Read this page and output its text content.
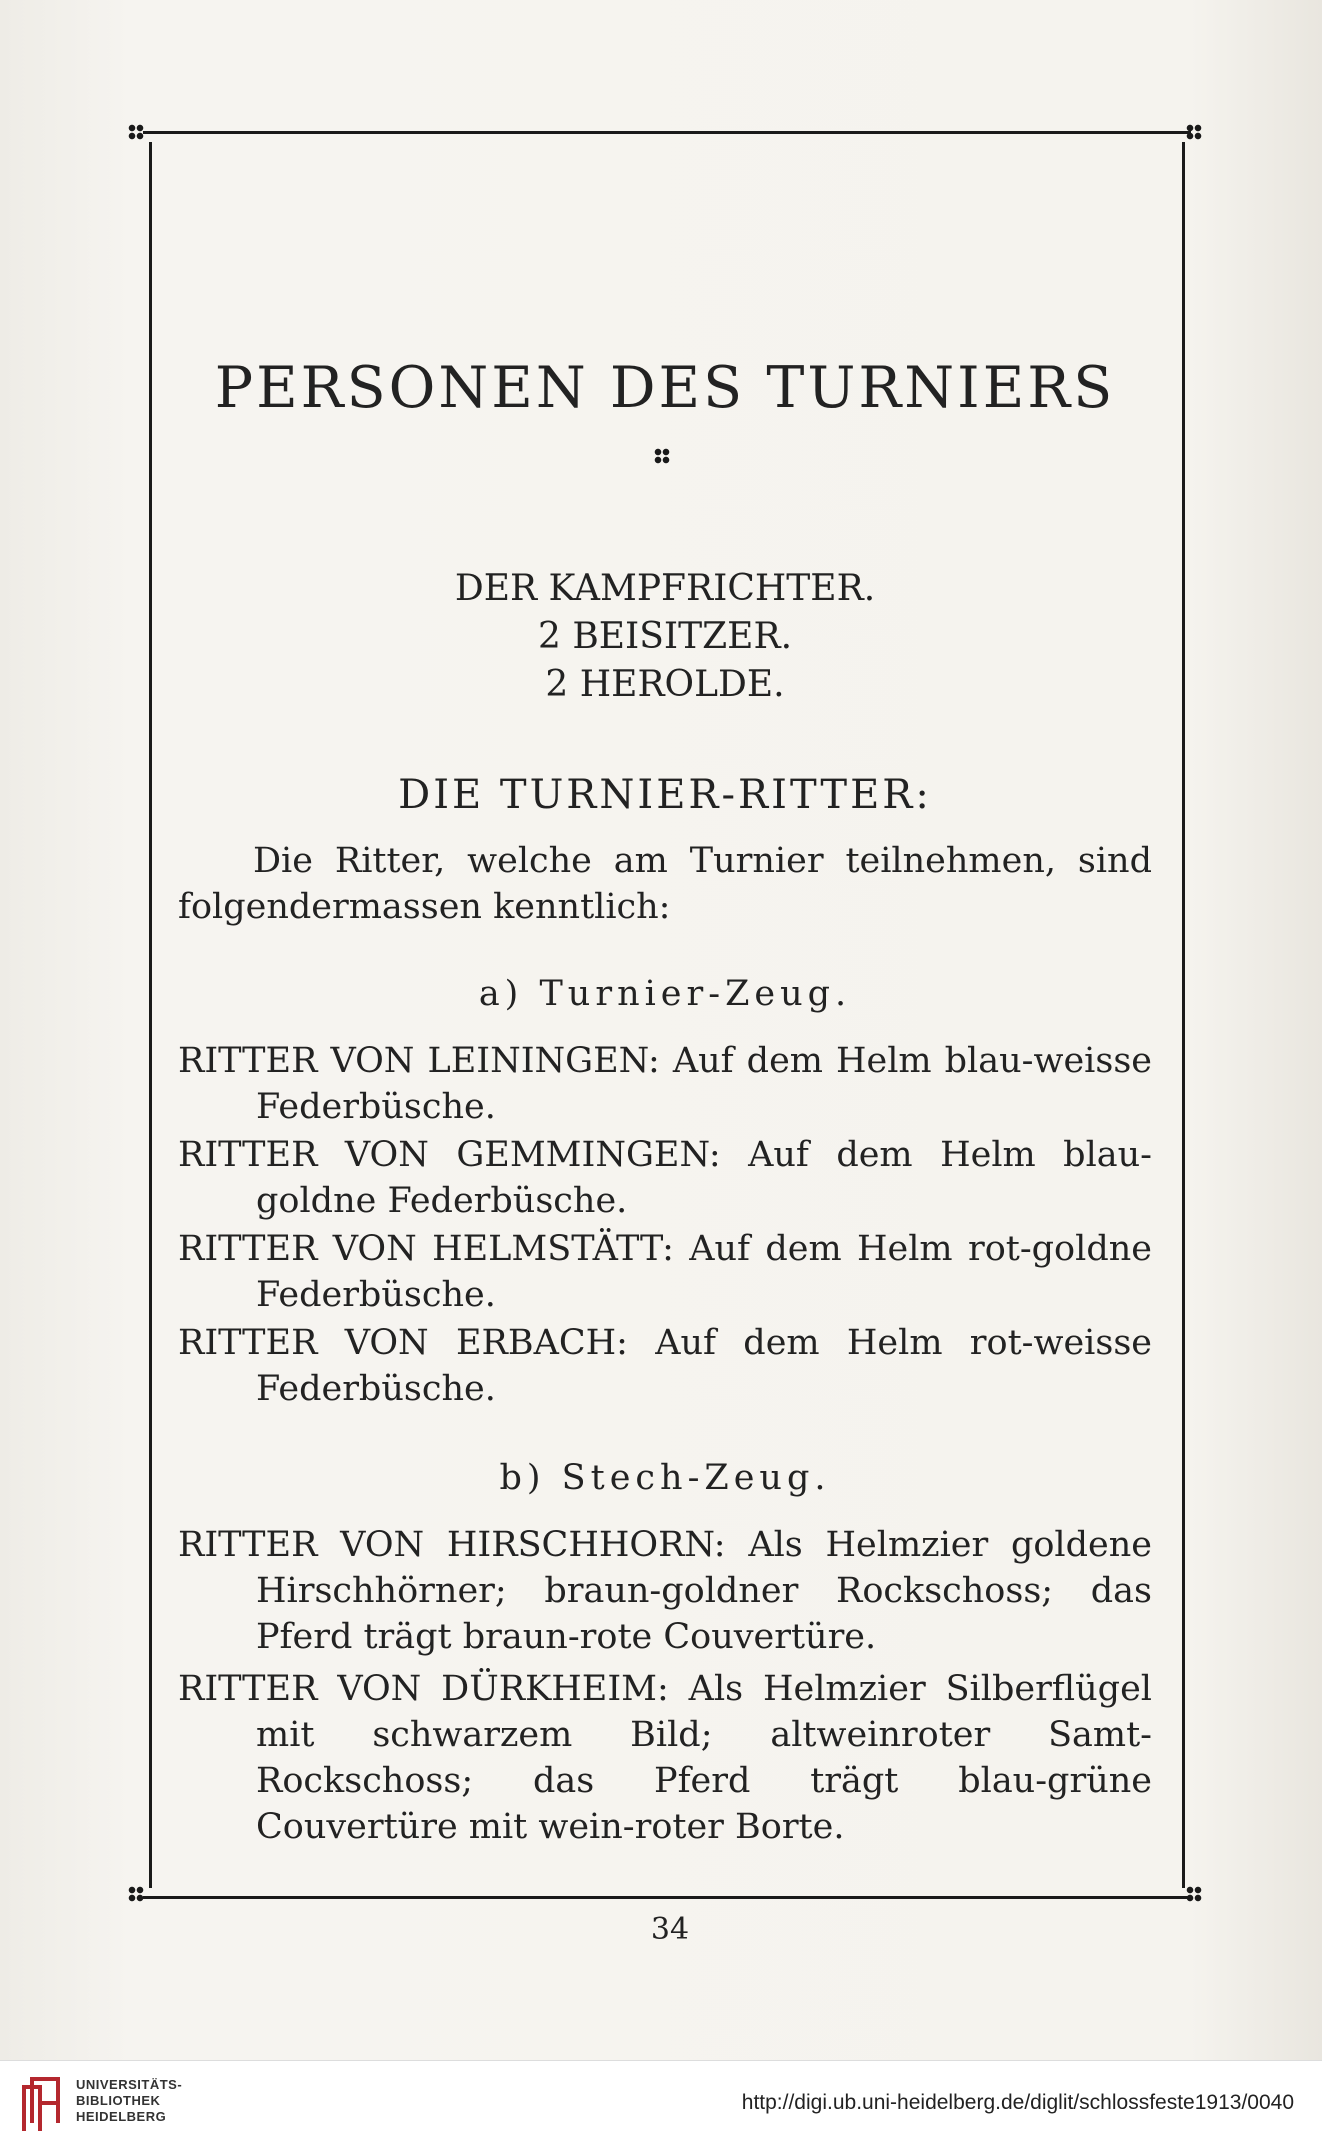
PERSONEN DES TURNIERS
DER KAMPFRICHTER.
2 BEISITZER.
2 HEROLDE.
DIE TURNIER-RITTER:

Die Ritter, welche am Turnier teilnehmen, sind folgendermassen kenntlich:

a) Turnier-Zeug.

RITTER VON LEININGEN: Auf dem Helm blau-weisse Federbüsche.

RITTER VON GEMMINGEN: Auf dem Helm blau-goldne Federbüsche.

RITTER VON HELMSTÄTT: Auf dem Helm rot-goldne Federbüsche.

RITTER VON ERBACH: Auf dem Helm rot-weisse Federbüsche.

b) Stech-Zeug.

RITTER VON HIRSCHHORN: Als Helmzier goldene Hirschhörner; braun-goldner Rockschoss; das Pferd trägt braun-rote Couvertüre.

RITTER VON DÜRKHEIM: Als Helmzier Silberflügel mit schwarzem Bild; altweinroter Samt-Rockschoss; das Pferd trägt blau-grüne Couvertüre mit wein-roter Borte.

34
UNIVERSITÄTS-
BIBLIOTHEK
HEIDELBERG
http://digi.ub.uni-heidelberg.de/diglit/schlossfeste1913/0040
